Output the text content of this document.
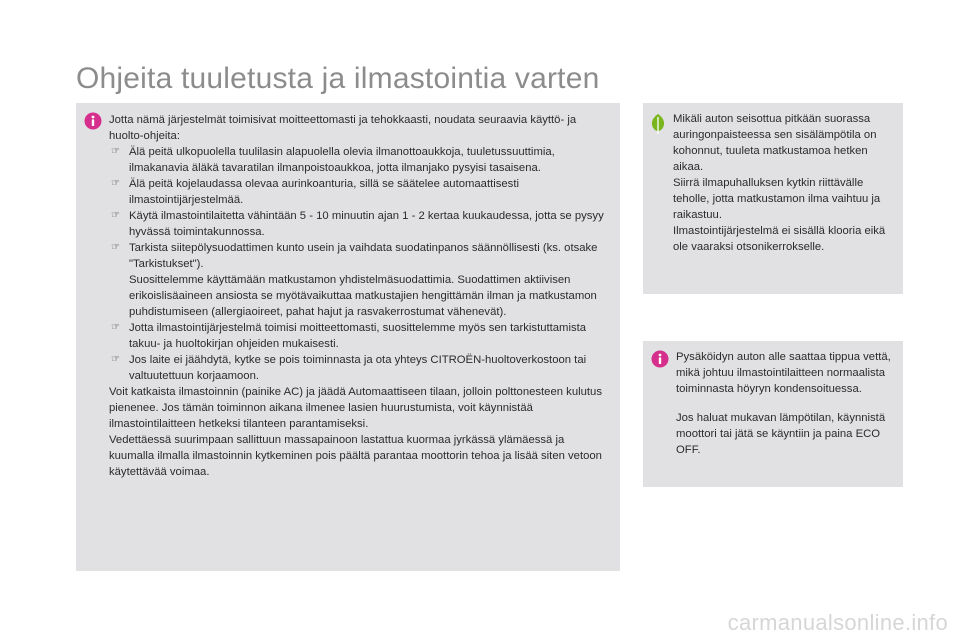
Ohjeita tuuletusta ja ilmastointia varten

Jotta nämä järjestelmät toimisivat moitteettomasti ja tehokkaasti, noudata seuraavia käyttö- ja huolto-ohjeita:

☞ Älä peitä ulkopuolella tuulilasin alapuolella olevia ilmanottoaukkoja, tuuletussuuttimia, ilmakanavia äläkä tavaratilan ilmanpoistoaukkoa, jotta ilmanjako pysyisi tasaisena.
☞ Älä peitä kojelaudassa olevaa aurinkoanturia, sillä se säätelee automaattisesti ilmastointijärjestelmää.
☞ Käytä ilmastointilaitetta vähintään 5 - 10 minuutin ajan 1 - 2 kertaa kuukaudessa, jotta se pysyy hyvässä toimintakunnossa.
☞ Tarkista siitepölysuodattimen kunto usein ja vaihdata suodatinpanos säännöllisesti (ks. otsake "Tarkistukset").
Suosittelemme käyttämään matkustamon yhdistelmäsuodattimia. Suodattimen aktiivisen erikoislisäaineen ansiosta se myötävaikuttaa matkustajien hengittämän ilman ja matkustamon puhdistumiseen (allergiaoireet, pahat hajut ja rasvakerrostumat vähenevät).
☞ Jotta ilmastointijärjestelmä toimisi moitteettomasti, suosittelemme myös sen tarkistuttamista takuu- ja huoltokirjan ohjeiden mukaisesti.
☞ Jos laite ei jäähdytä, kytke se pois toiminnasta ja ota yhteys CITROËN-huoltoverkostoon tai valtuutettuun korjaamoon.

Voit katkaista ilmastoinnin (painike AC) ja jäädä Automaattiseen tilaan, jolloin polttonesteen kulutus pienenee. Jos tämän toiminnon aikana ilmenee lasien huurustumista, voit käynnistää ilmastointilaitteen hetkeksi tilanteen parantamiseksi.

Vedettäessä suurimpaan sallittuun massapainoon lastattua kuormaa jyrkässä ylämäessä ja kuumalla ilmalla ilmastoinnin kytkeminen pois päältä parantaa moottorin tehoa ja lisää siten vetoon käytettävää voimaa.

Mikäli auton seisottua pitkään suorassa auringonpaisteessa sen sisälämpötila on kohonnut, tuuleta matkustamoa hetken aikaa.

Siirrä ilmapuhalluksen kytkin riittävälle teholle, jotta matkustamon ilma vaihtuu ja raikastuu.

Ilmastointijärjestelmä ei sisällä klooria eikä ole vaaraksi otsonikerrokselle.

Pysäköidyn auton alle saattaa tippua vettä, mikä johtuu ilmastointilaitteen normaalista toiminnasta höyryn kondensoituessa.

Jos haluat mukavan lämpötilan, käynnistä moottori tai jätä se käyntiin ja paina ECO OFF.

carmanualsonline.info
